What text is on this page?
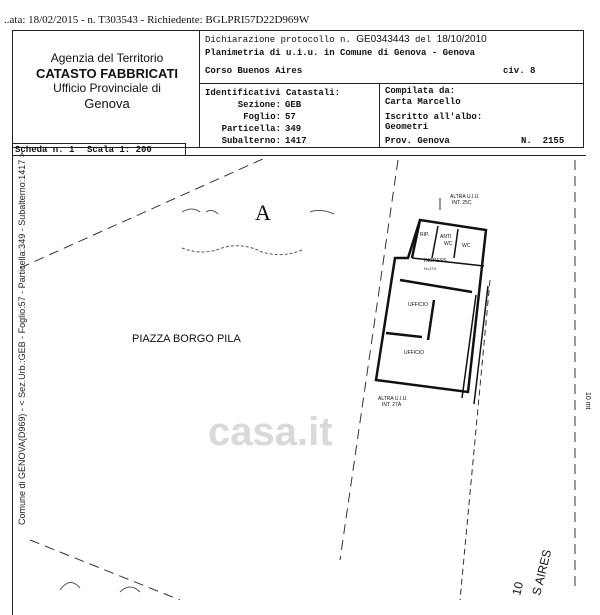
..ata: 18/02/2015 - n. T303543 - Richiedente: BGLPRI57D22D969W
Agenzia del Territorio
CATASTO FABBRICATI
Ufficio Provinciale di
Genova
Dichiarazione protocollo n. GE0343443 del 18/10/2010
Planimetria di u.i.u. in Comune di Genova - Genova
Corso Buenos Aires	civ. 8
Identificativi Catastali:
Sezione: GEB
Foglio: 57
Particella: 349
Subalterno: 1417
Compilata da:
Carta Marcello
Iscritto all'albo:
Geometri
Prov. Genova	N. 2155
Scheda n. 1 Scala 1: 200
A
PIAZZA BORGO PILA
ALTRA U.I.U.
INT. 25C
ALTRA U.I.U.
INT. 27A
RIP. ANTI
WC WC
INGRESS
H=274
UFFICIO
UFFICIO
S AIRES
10
10 mt
Comune di GENOVA(D969) - < Sez.Urb.:GEB - Foglio:57 - Particella:349 - Subalterno:1417 >	casa.it
